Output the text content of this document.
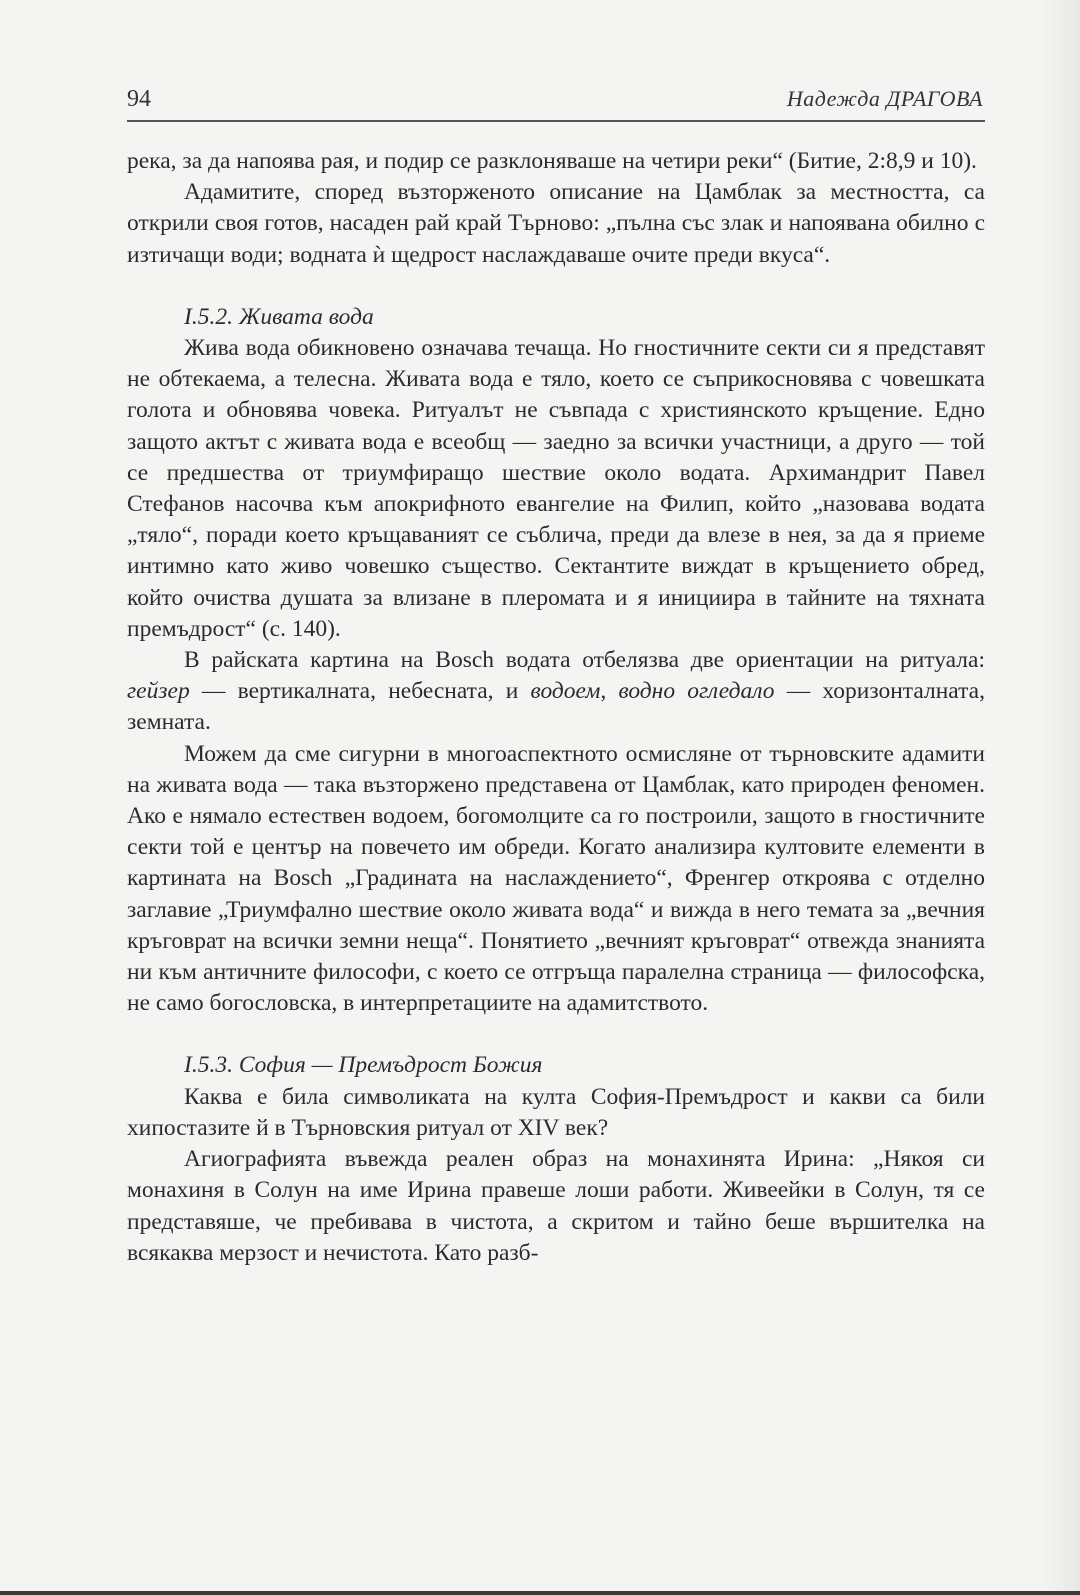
94	Надежда ДРАГОВА

река, за да напоява рая, и подир се разклоняваше на четири реки“ (Битие, 2:8,9 и 10).

Адамитите, според възторженото описание на Цамблак за местността, са открили своя готов, насаден рай край Търново: „пълна със злак и напоявана обилно с изтичащи води; водната ѝ щедрост наслаждаваше очите преди вкуса“.

I.5.2. Живата вода

Жива вода обикновено означава течаща. Но гностичните секти си я представят не обтекаема, а телесна. Живата вода е тяло, което се съприкосновява с човешката голота и обновява човека. Ритуалът не съвпада с християнското кръщение. Едно защото актът с живата вода е всеобщ — заедно за всички участници, а друго — той се предшества от триумфиращо шествие около водата. Архимандрит Павел Стефанов насочва към апокрифното евангелие на Филип, който „назовава водата „тяло“, поради което кръщаваният се съблича, преди да влезе в нея, за да я приеме интимно като живо човешко същество. Сектантите виждат в кръщението обред, който очиства душата за влизане в плеромата и я инициира в тайните на тяхната премъдрост“ (с. 140).

В райската картина на Bosch водата отбелязва две ориентации на ритуала: гейзер — вертикалната, небесната, и водоем, водно огледало — хоризонталната, земната.

Можем да сме сигурни в многоаспектното осмисляне от търновските адамити на живата вода — така възторжено представена от Цамблак, като природен феномен. Ако е нямало естествен водоем, богомолците са го построили, защото в гностичните секти той е център на повечето им обреди. Когато анализира култовите елементи в картината на Bosch „Градината на наслаждението“, Френгер откроява с отделно заглавие „Триумфално шествие около живата вода“ и вижда в него темата за „вечния кръговрат на всички земни неща“. Понятието „вечният кръговрат“ отвежда знанията ни към античните философи, с което се отгръща паралелна страница — философска, не само богословска, в интерпретациите на адамитството.

I.5.3. София — Премъдрост Божия

Каква е била символиката на култа София-Премъдрост и какви са били хипостазите й в Търновския ритуал от XIV век?

Агиографията въвежда реален образ на монахинята Ирина: „Някоя си монахиня в Солун на име Ирина правеше лоши работи. Живеейки в Солун, тя се представяше, че пребивава в чистота, а скритом и тайно беше вършителка на всякаква мерзост и нечистота. Като разб-
